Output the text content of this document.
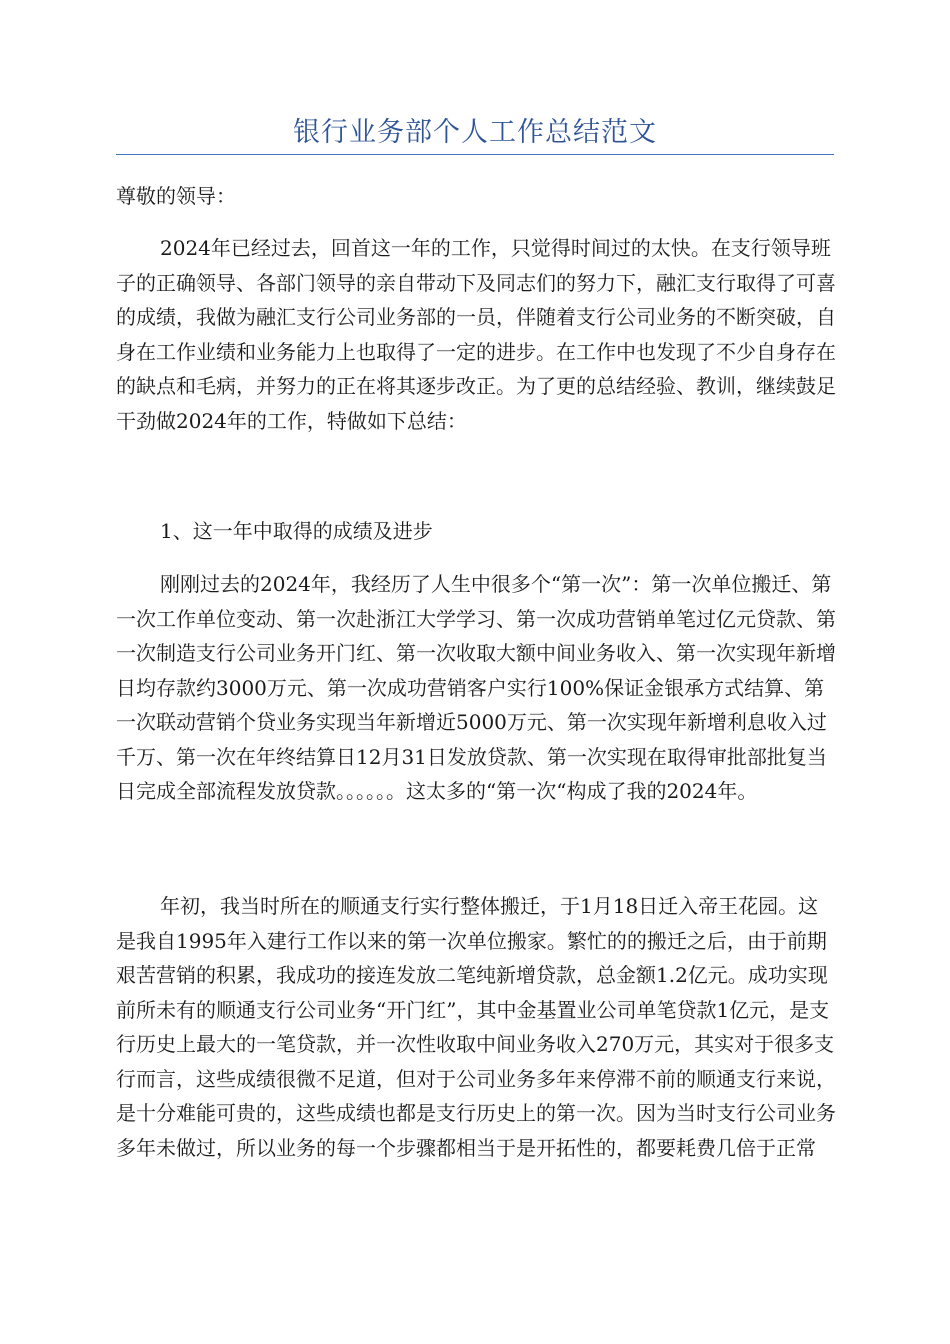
银行业务部个人工作总结范文

尊敬的领导：

2024年已经过去，回首这一年的工作，只觉得时间过的太快。在支行领导班子的正确领导、各部门领导的亲自带动下及同志们的努力下，融汇支行取得了可喜的成绩，我做为融汇支行公司业务部的一员，伴随着支行公司业务的不断突破，自身在工作业绩和业务能力上也取得了一定的进步。在工作中也发现了不少自身存在的缺点和毛病，并努力的正在将其逐步改正。为了更的总结经验、教训，继续鼓足干劲做2024年的工作，特做如下总结：

1、这一年中取得的成绩及进步

刚刚过去的2024年，我经历了人生中很多个“第一次”：第一次单位搬迁、第一次工作单位变动、第一次赴浙江大学学习、第一次成功营销单笔过亿元贷款、第一次制造支行公司业务开门红、第一次收取大额中间业务收入、第一次实现年新增日均存款约3000万元、第一次成功营销客户实行100%保证金银承方式结算、第一次联动营销个贷业务实现当年新增近5000万元、第一次实现年新增利息收入过千万、第一次在年终结算日12月31日发放贷款、第一次实现在取得审批部批复当日完成全部流程发放贷款。。。。。。这太多的“第一次“构成了我的2024年。

年初，我当时所在的顺通支行实行整体搬迁，于1月18日迁入帝王花园。这是我自1995年入建行工作以来的第一次单位搬家。繁忙的的搬迁之后，由于前期艰苦营销的积累，我成功的接连发放二笔纯新增贷款，总金额1.2亿元。成功实现前所未有的顺通支行公司业务“开门红”，其中金基置业公司单笔贷款1亿元，是支行历史上最大的一笔贷款，并一次性收取中间业务收入270万元，其实对于很多支行而言，这些成绩很微不足道，但对于公司业务多年来停滞不前的顺通支行来说，是十分难能可贵的，这些成绩也都是支行历史上的第一次。因为当时支行公司业务多年未做过，所以业务的每一个步骤都相当于是开拓性的，都要耗费几倍于正常
